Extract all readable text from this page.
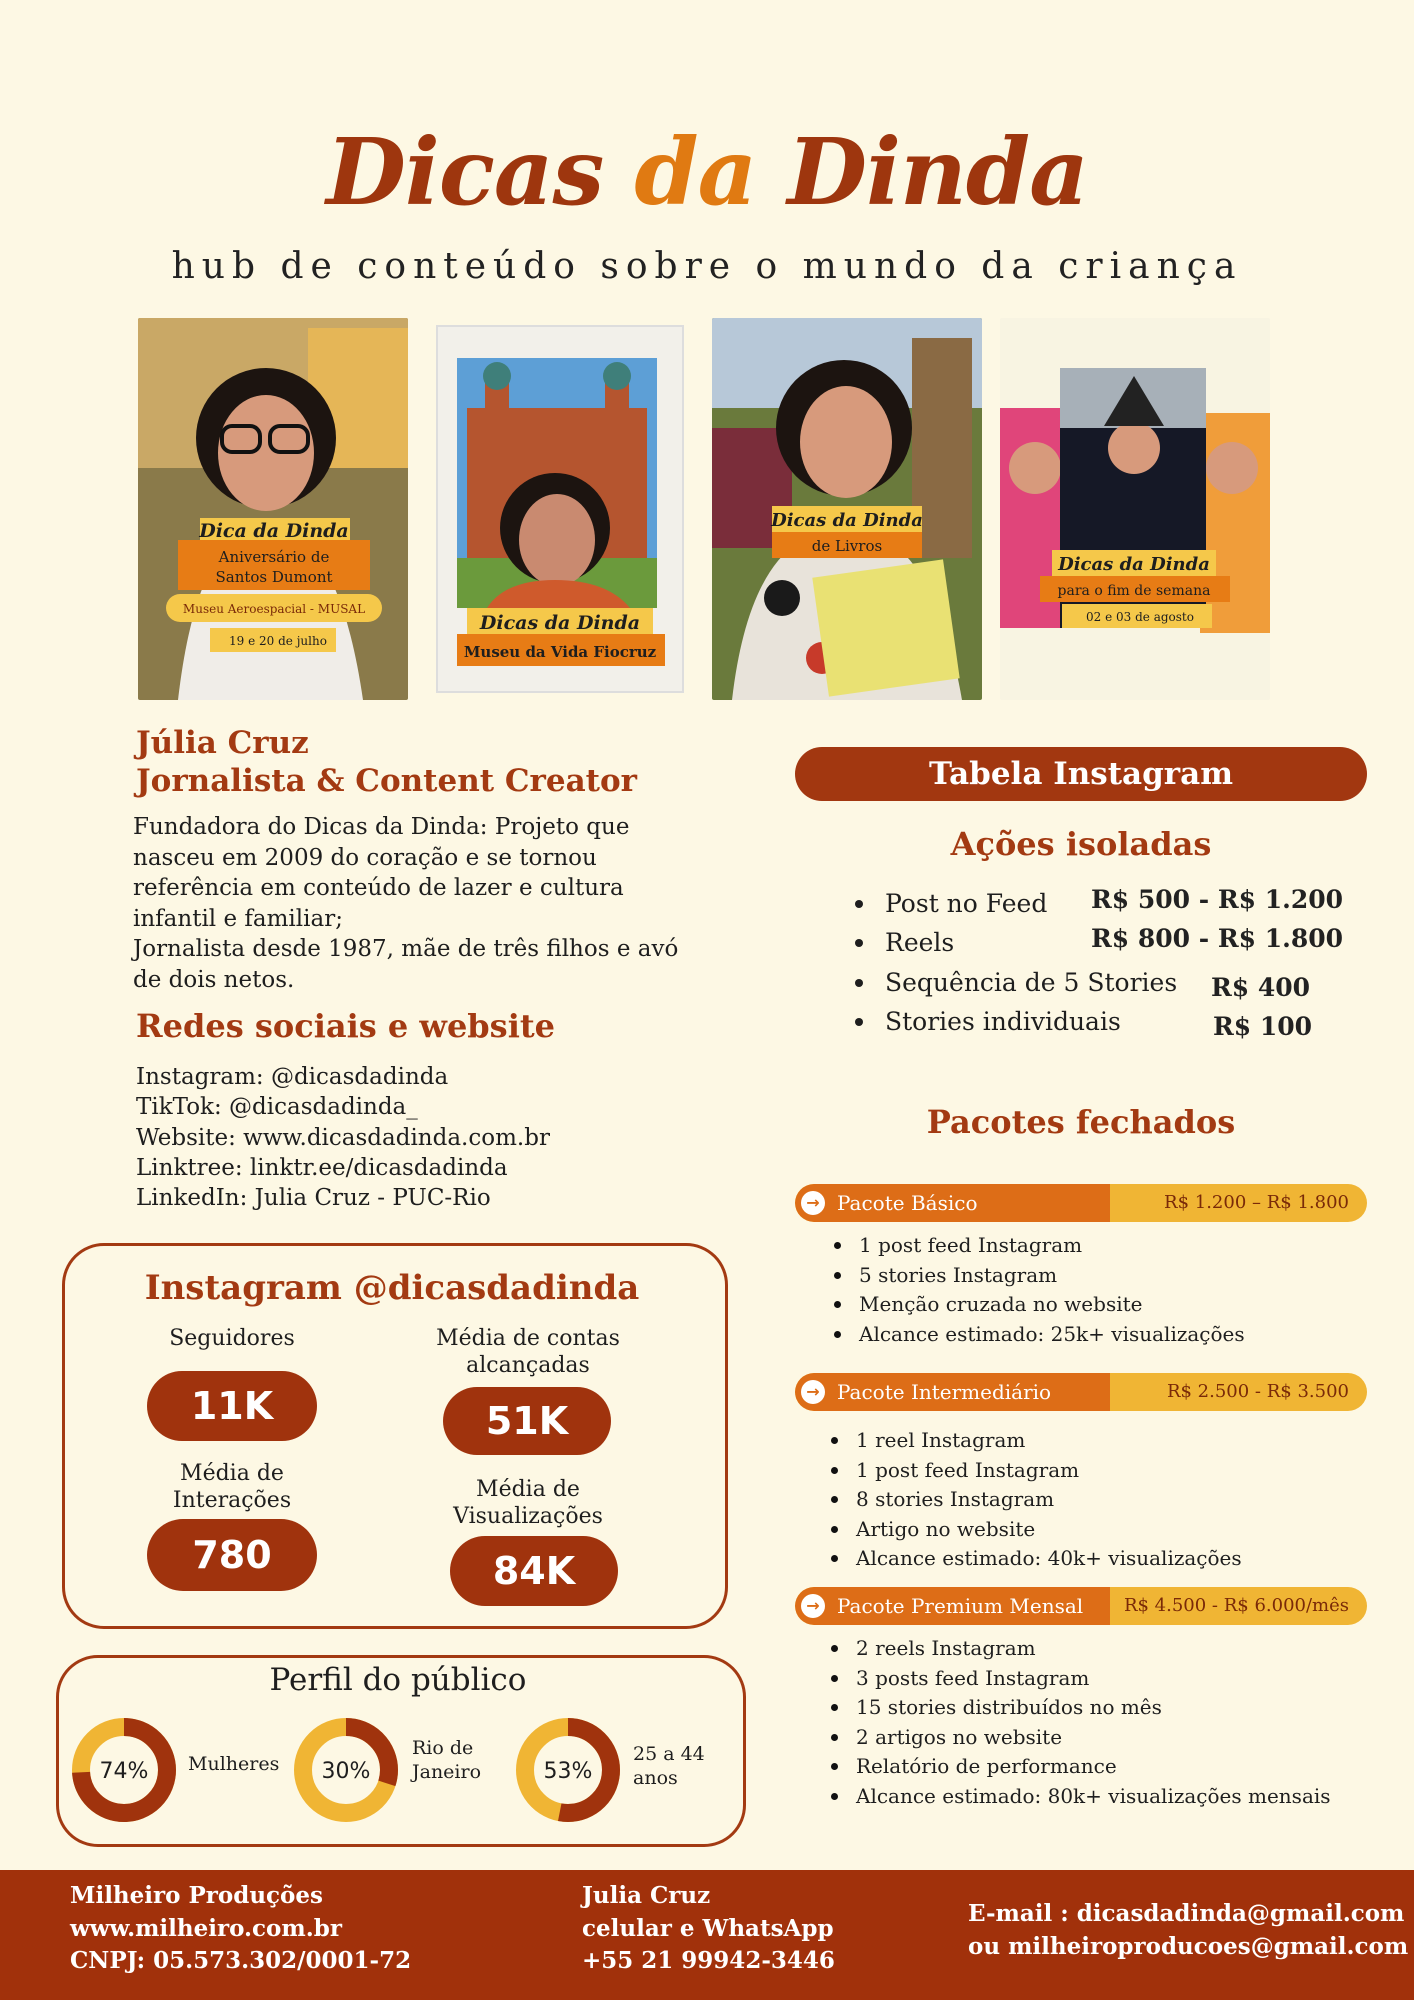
Dicas da Dinda
hub de conteúdo sobre o mundo da criança
Dica da Dinda
Aniversário de
Santos Dumont
Museu Aeroespacial - MUSAL
19 e 20 de julho
Dicas da Dinda
Museu da Vida Fiocruz
Dicas da Dinda
de Livros
Dicas da Dinda
para o fim de semana
02 e 03 de agosto
Júlia Cruz
Jornalista & Content Creator
Fundadora do Dicas da Dinda: Projeto que
nasceu em 2009 do coração e se tornou
referência em conteúdo de lazer e cultura
infantil e familiar;
Jornalista desde 1987, mãe de três filhos e avó
de dois netos.
Redes sociais e website
Instagram: @dicasdadinda
TikTok: @dicasdadinda_
Website: www.dicasdadinda.com.br
Linktree: linktr.ee/dicasdadinda
LinkedIn: Julia Cruz - PUC-Rio
Instagram @dicasdadinda
Seguidores
11K
Média de contas
alcançadas
51K
Média de
Interações
780
Média de
Visualizações
84K
Perfil do público
74%	30%	53%
Mulheres
Rio de
Janeiro
25 a 44
anos
Tabela Instagram
Ações isoladas
Post no Feed R$ 500 - R$ 1.200
Reels	R$ 800 - R$ 1.800
Sequência de 5 Stories R$ 400
Stories individuais	R$ 100
Pacotes fechados
→ Pacote Básico	R$ 1.200 – R$ 1.800
1 post feed Instagram
5 stories Instagram
Menção cruzada no website
Alcance estimado: 25k+ visualizações
→ Pacote Intermediário	R$ 2.500 - R$ 3.500
1 reel Instagram
1 post feed Instagram
8 stories Instagram
Artigo no website
Alcance estimado: 40k+ visualizações
→ Pacote Premium Mensal R$ 4.500 - R$ 6.000/mês
2 reels Instagram
3 posts feed Instagram
15 stories distribuídos no mês
2 artigos no website
Relatório de performance
Alcance estimado: 80k+ visualizações mensais
Milheiro Produções
www.milheiro.com.br
CNPJ: 05.573.302/0001-72
Julia Cruz
celular e WhatsApp
+55 21 99942-3446
E-mail : dicasdadinda@gmail.com
ou milheiroproducoes@gmail.com
